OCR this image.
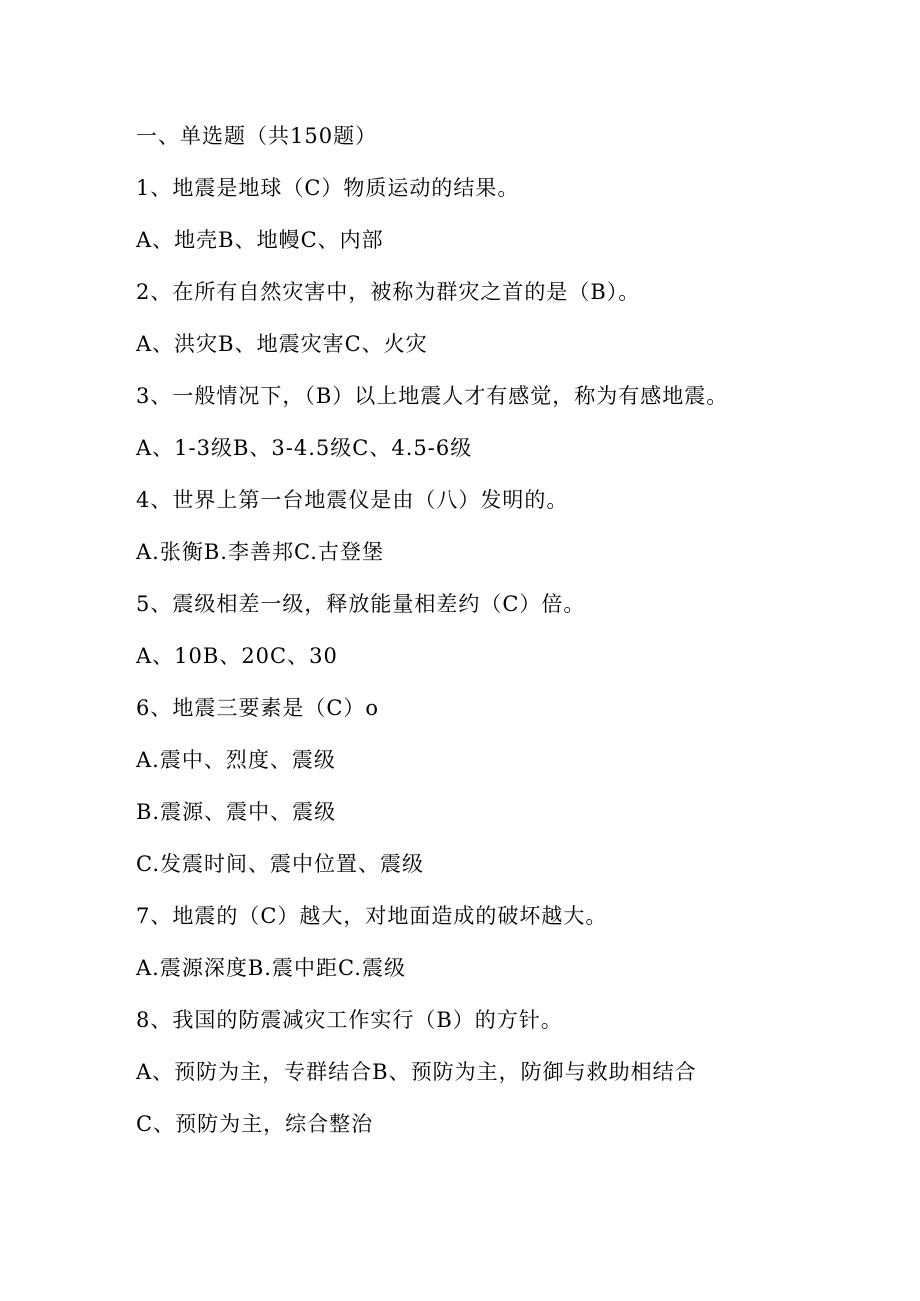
一、单选题（共150题）
1、地震是地球（C）物质运动的结果。
A、地壳B、地幔C、内部
2、在所有自然灾害中，被称为群灾之首的是（B）。
A、洪灾B、地震灾害C、火灾
3、一般情况下，（B）以上地震人才有感觉，称为有感地震。
A、1-3级B、3-4.5级C、4.5-6级
4、世界上第一台地震仪是由（八）发明的。
A.张衡B.李善邦C.古登堡
5、震级相差一级，释放能量相差约（C）倍。
A、10B、20C、30
6、地震三要素是（C）o
A.震中、烈度、震级
B.震源、震中、震级
C.发震时间、震中位置、震级
7、地震的（C）越大，对地面造成的破坏越大。
A.震源深度B.震中距C.震级
8、我国的防震减灾工作实行（B）的方针。
A、预防为主，专群结合B、预防为主，防御与救助相结合
C、预防为主，综合整治
